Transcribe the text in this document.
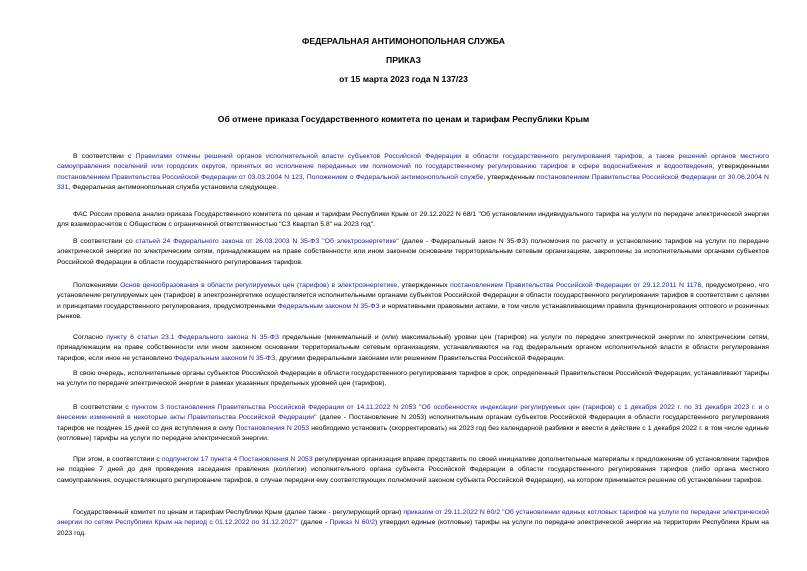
ФЕДЕРАЛЬНАЯ АНТИМОНОПОЛЬНАЯ СЛУЖБА
ПРИКАЗ
от 15 марта 2023 года N 137/23
Об отмене приказа Государственного комитета по ценам и тарифам Республики Крым
В соответствии с Правилами отмены решений органов исполнительной власти субъектов Российской Федерации в области государственного регулирования тарифов, а также решений органов местного самоуправления поселений или городских округов, принятых во исполнение переданных им полномочий по государственному регулированию тарифов в сфере водоснабжения и водоотведения, утвержденными постановлением Правительства Российской Федерации от 03.03.2004 N 123, Положением о Федеральной антимонопольной службе, утвержденным постановлением Правительства Российской Федерации от 30.06.2004 N 331, Федеральная антимонопольная служба установила следующее.
ФАС России провела анализ приказа Государственного комитета по ценам и тарифам Республики Крым от 29.12.2022 N 68/1 "Об установлении индивидуального тарифа на услуги по передаче электрической энергии для взаиморасчетов с Обществом с ограниченной ответственностью "СЗ Квартал 5.8" на 2023 год".
В соответствии со статьей 24 Федерального закона от 26.03.2003 N 35-ФЗ "Об электроэнергетике" (далее - Федеральный закон N 35-ФЗ) полномочия по расчету и установлению тарифов на услуги по передаче электрической энергии по электрическим сетям, принадлежащим на праве собственности или ином законном основании территориальным сетевым организациям, закреплены за исполнительными органами субъектов Российской Федерации в области государственного регулирования тарифов.
Положениями Основ ценообразования в области регулируемых цен (тарифов) в электроэнергетике, утвержденных постановлением Правительства Российской Федерации от 29.12.2011 N 1178, предусмотрено, что установление регулируемых цен (тарифов) в электроэнергетике осуществляется исполнительными органами субъектов Российской Федерации в области государственного регулирования тарифов в соответствии с целями и принципами государственного регулирования, предусмотренными Федеральным законом N 35-ФЗ и нормативными правовыми актами, в том числе устанавливающими правила функционирования оптового и розничных рынков.
Согласно пункту 6 статьи 23.1 Федерального закона N 35-ФЗ предельные (минимальный и (или) максимальный) уровни цен (тарифов) на услуги по передаче электрической энергии по электрическим сетям, принадлежащим на праве собственности или ином законном основании территориальным сетевым организациям, устанавливаются на год федеральным органом исполнительной власти в области регулирования тарифов, если иное не установлено Федеральным законом N 35-ФЗ, другими федеральными законами или решением Правительства Российской Федерации.
В свою очередь, исполнительные органы субъектов Российской Федерации в области государственного регулирования тарифов в срок, определенный Правительством Российской Федерации, устанавливают тарифы на услуги по передаче электрической энергии в рамках указанных предельных уровней цен (тарифов).
В соответствии с пунктом 3 постановления Правительства Российской Федерации от 14.11.2022 N 2053 "Об особенностях индексации регулируемых цен (тарифов) с 1 декабря 2022 г. по 31 декабря 2023 г. и о внесении изменений в некоторые акты Правительства Российской Федерации" (далее - Постановление N 2053) исполнительным органам субъектов Российской Федерации в области государственного регулирования тарифов не позднее 15 дней со дня вступления в силу Постановления N 2053 необходимо установить (скорректировать) на 2023 год без календарной разбивки и ввести в действие с 1 декабря 2022 г. в том числе единые (котловые) тарифы на услуги по передаче электрической энергии.
При этом, в соответствии с подпунктом 17 пункта 4 Постановления N 2053 регулируемая организация вправе представить по своей инициативе дополнительные материалы к предложениям об установлении тарифов не позднее 7 дней до дня проведения заседания правления (коллегии) исполнительного органа субъекта Российской Федерации в области государственного регулирования тарифов (либо органа местного самоуправления, осуществляющего регулирование тарифов, в случае передачи ему соответствующих полномочий законом субъекта Российской Федерации), на котором принимается решение об установлении тарифов.
Государственный комитет по ценам и тарифам Республики Крым (далее также - регулирующий орган) приказом от 29.11.2022 N 60/2 "Об установлении единых котловых тарифов на услуги по передаче электрической энергии по сетям Республики Крым на период с 01.12.2022 по 31.12.2027" (далее - Приказ N 60/2) утвердил единые (котловые) тарифы на услуги по передаче электрической энергии на территории Республики Крым на 2023 год.
